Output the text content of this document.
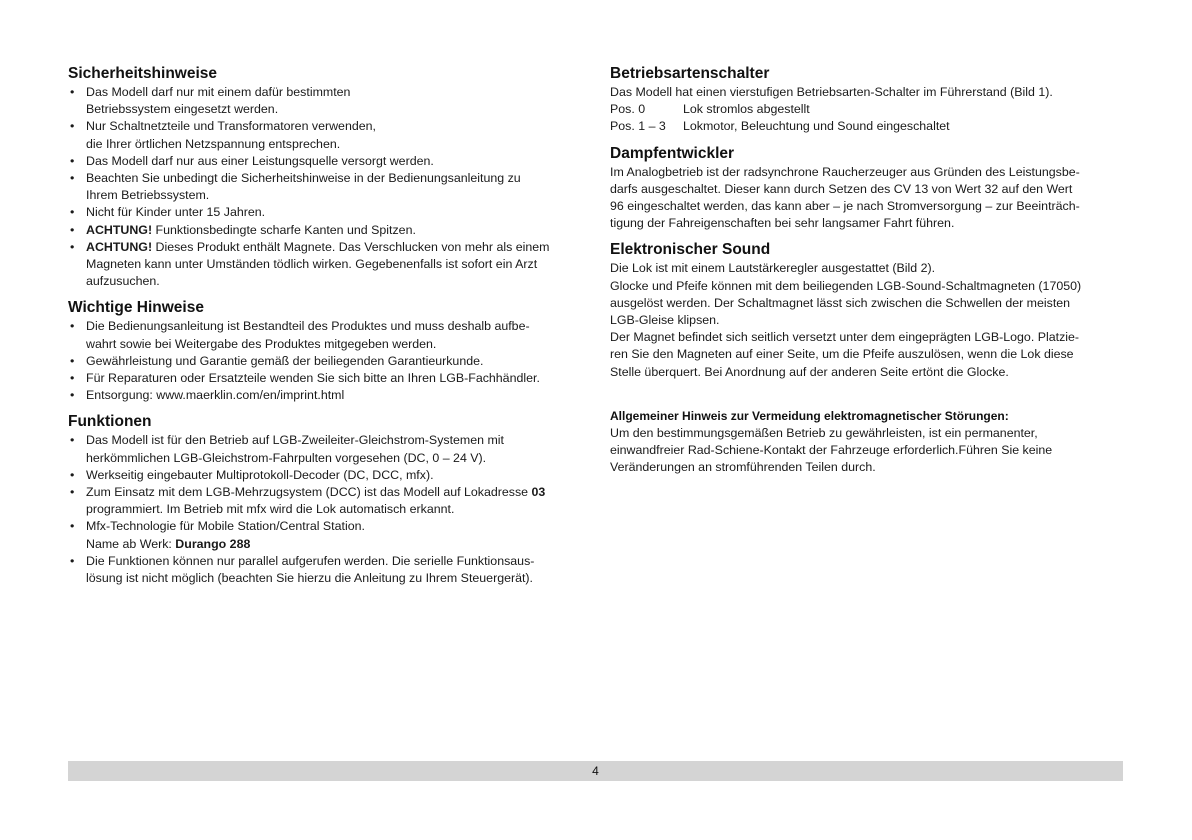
Sicherheitshinweise
• Das Modell darf nur mit einem dafür bestimmten
Betriebssystem eingesetzt werden.
• Nur Schaltnetzteile und Transformatoren verwenden,
die Ihrer örtlichen Netzspannung entsprechen.
• Das Modell darf nur aus einer Leistungsquelle versorgt werden.
• Beachten Sie unbedingt die Sicherheitshinweise in der Bedienungsanleitung zu
Ihrem Betriebssystem.
• Nicht für Kinder unter 15 Jahren.
• ACHTUNG! Funktionsbedingte scharfe Kanten und Spitzen.
• ACHTUNG! Dieses Produkt enthält Magnete. Das Verschlucken von mehr als einem
Magneten kann unter Umständen tödlich wirken. Gegebenenfalls ist sofort ein Arzt
aufzusuchen.
Wichtige Hinweise
• Die Bedienungsanleitung ist Bestandteil des Produktes und muss deshalb aufbe-
wahrt sowie bei Weitergabe des Produktes mitgegeben werden.
• Gewährleistung und Garantie gemäß der beiliegenden Garantieurkunde.
• Für Reparaturen oder Ersatzteile wenden Sie sich bitte an Ihren LGB-Fachhändler.
• Entsorgung: www.maerklin.com/en/imprint.html
Funktionen
• Das Modell ist für den Betrieb auf LGB-Zweileiter-Gleichstrom-Systemen mit
herkömmlichen LGB-Gleichstrom-Fahrpulten vorgesehen (DC, 0 – 24 V).
• Werkseitig eingebauter Multiprotokoll-Decoder (DC, DCC, mfx).
• Zum Einsatz mit dem LGB-Mehrzugsystem (DCC) ist das Modell auf Lokadresse 03
programmiert. Im Betrieb mit mfx wird die Lok automatisch erkannt.
• Mfx-Technologie für Mobile Station/Central Station.
Name ab Werk: Durango 288
• Die Funktionen können nur parallel aufgerufen werden. Die serielle Funktionsaus-
lösung ist nicht möglich (beachten Sie hierzu die Anleitung zu Ihrem Steuergerät).
Betriebsartenschalter

Das Modell hat einen vierstufigen Betriebsarten-Schalter im Führerstand (Bild 1).

Pos. 0	Lok stromlos abgestellt
Pos. 1 – 3	Lokmotor, Beleuchtung und Sound eingeschaltet
Dampfentwickler

Im Analogbetrieb ist der radsynchrone Raucherzeuger aus Gründen des Leistungsbe-

darfs ausgeschaltet. Dieser kann durch Setzen des CV 13 von Wert 32 auf den Wert

96 eingeschaltet werden, das kann aber – je nach Stromversorgung – zur Beeinträch-

tigung der Fahreigenschaften bei sehr langsamer Fahrt führen.

Elektronischer Sound

Die Lok ist mit einem Lautstärkeregler ausgestattet (Bild 2).

Glocke und Pfeife können mit dem beiliegenden LGB-Sound-Schaltmagneten (17050)

ausgelöst werden. Der Schaltmagnet lässt sich zwischen die Schwellen der meisten

LGB-Gleise klipsen.

Der Magnet befindet sich seitlich versetzt unter dem eingeprägten LGB-Logo. Platzie-

ren Sie den Magneten auf einer Seite, um die Pfeife auszulösen, wenn die Lok diese

Stelle überquert. Bei Anordnung auf der anderen Seite ertönt die Glocke.

Allgemeiner Hinweis zur Vermeidung elektromagnetischer Störungen:

Um den bestimmungsgemäßen Betrieb zu gewährleisten, ist ein permanenter,

einwandfreier Rad-Schiene-Kontakt der Fahrzeuge erforderlich.Führen Sie keine

Veränderungen an stromführenden Teilen durch.

4
